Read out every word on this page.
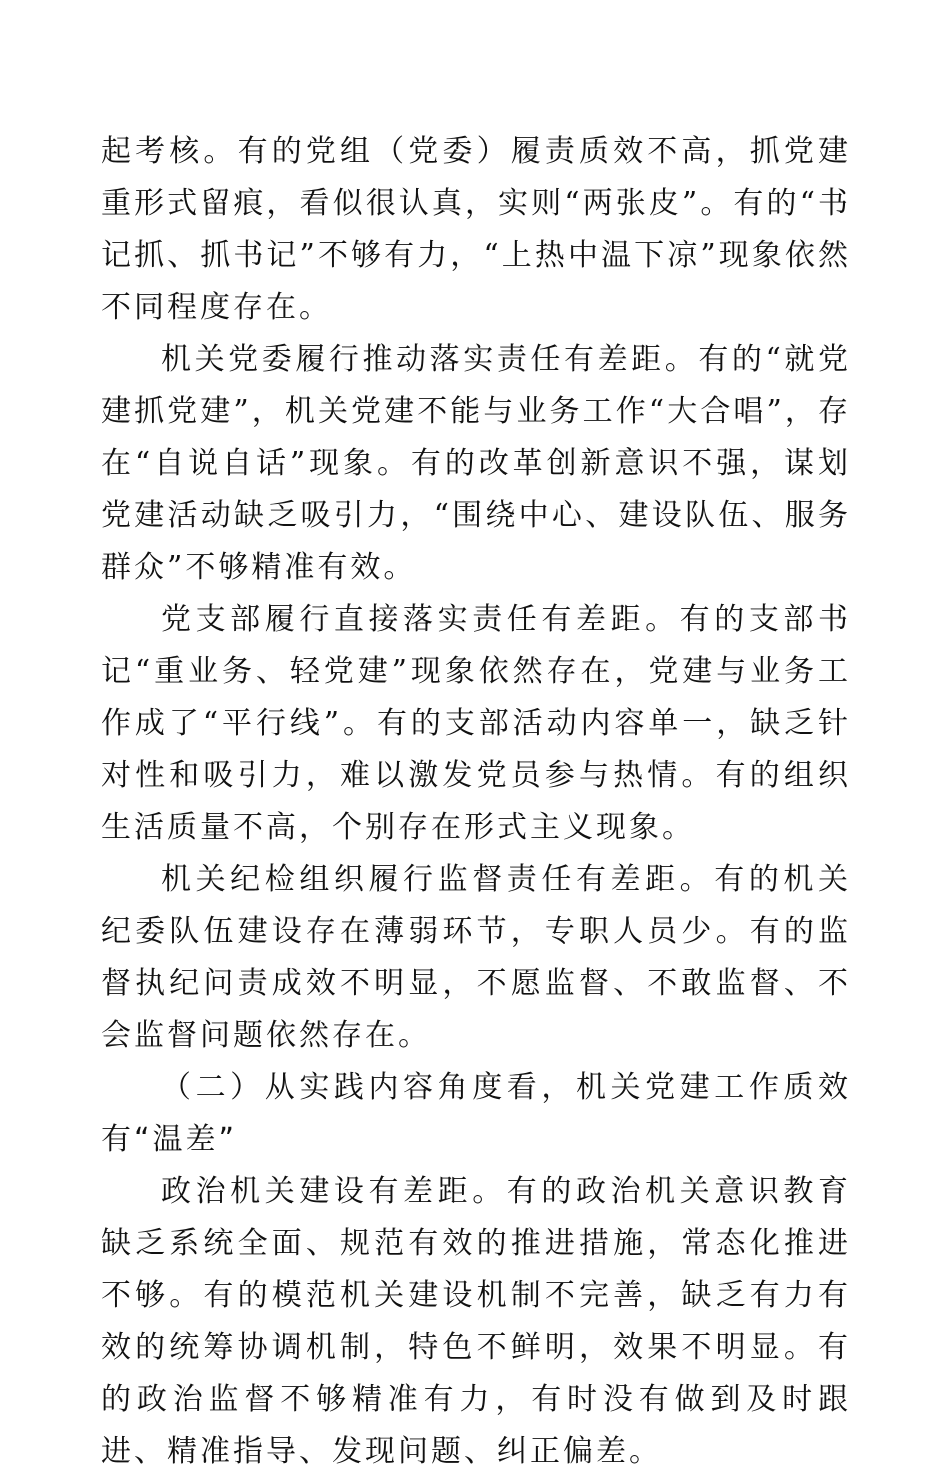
起考核。有的党组（党委）履责质效不高，抓党建重形式留痕，看似很认真，实则“两张皮”。有的“书记抓、抓书记”不够有力，“上热中温下凉”现象依然不同程度存在。

机关党委履行推动落实责任有差距。有的“就党建抓党建”，机关党建不能与业务工作“大合唱”，存在“自说自话”现象。有的改革创新意识不强，谋划党建活动缺乏吸引力，“围绕中心、建设队伍、服务群众”不够精准有效。

党支部履行直接落实责任有差距。有的支部书记“重业务、轻党建”现象依然存在，党建与业务工作成了“平行线”。有的支部活动内容单一，缺乏针对性和吸引力，难以激发党员参与热情。有的组织生活质量不高，个别存在形式主义现象。

机关纪检组织履行监督责任有差距。有的机关纪委队伍建设存在薄弱环节，专职人员少。有的监督执纪问责成效不明显，不愿监督、不敢监督、不会监督问题依然存在。

（二）从实践内容角度看，机关党建工作质效有“温差”

政治机关建设有差距。有的政治机关意识教育缺乏系统全面、规范有效的推进措施，常态化推进不够。有的模范机关建设机制不完善，缺乏有力有效的统筹协调机制，特色不鲜明，效果不明显。有的政治监督不够精准有力，有时没有做到及时跟进、精准指导、发现问题、纠正偏差。
